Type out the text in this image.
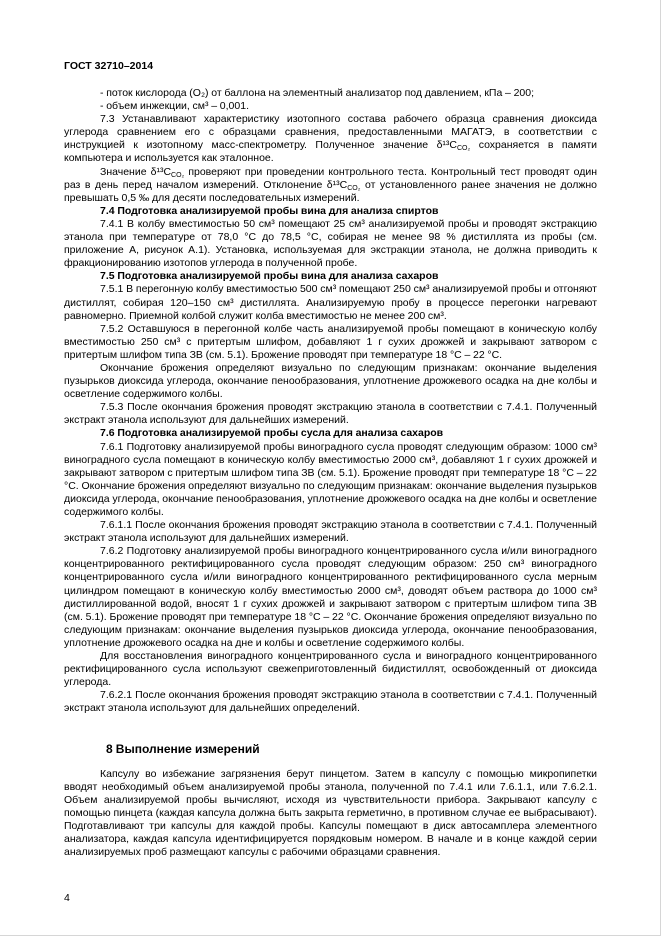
ГОСТ 32710–2014

- поток кислорода (О₂) от баллона на элементный анализатор под давлением, кПа – 200;

- объем инжекции, см³ – 0,001.

7.3 Устанавливают характеристику изотопного состава рабочего образца сравнения диоксида углерода сравнением его с образцами сравнения, предоставленными МАГАТЭ, в соответствии с инструкцией к изотопному масс-спектрометру. Полученное значение $\delta^{13}C_{CO_2}$ сохраняется в памяти компьютера и используется как эталонное.

Значение $\delta^{13}C_{CO_2}$ проверяют при проведении контрольного теста. Контрольный тест проводят один раз в день перед началом измерений. Отклонение $\delta^{13}C_{CO_2}$ от установленного ранее значения не должно превышать 0,5 ‰ для десяти последовательных измерений.

7.4 Подготовка анализируемой пробы вина для анализа спиртов

7.4.1 В колбу вместимостью 50 см³ помещают 25 см³ анализируемой пробы и проводят экстракцию этанола при температуре от 78,0 °С до 78,5 °С, собирая не менее 98 % дистиллята из пробы (см. приложение А, рисунок А.1). Установка, используемая для экстракции этанола, не должна приводить к фракционированию изотопов углерода в полученной пробе.

7.5 Подготовка анализируемой пробы вина для анализа сахаров

7.5.1 В перегонную колбу вместимостью 500 см³ помещают 250 см³ анализируемой пробы и отгоняют дистиллят, собирая 120–150 см³ дистиллята. Анализируемую пробу в процессе перегонки нагревают равномерно. Приемной колбой служит колба вместимостью не менее 200 см³.

7.5.2 Оставшуюся в перегонной колбе часть анализируемой пробы помещают в коническую колбу вместимостью 250 см³ с притертым шлифом, добавляют 1 г сухих дрожжей и закрывают затвором с притертым шлифом типа ЗВ (см. 5.1). Брожение проводят при температуре 18 °С – 22 °С.

Окончание брожения определяют визуально по следующим признакам: окончание выделения пузырьков диоксида углерода, окончание пенообразования, уплотнение дрожжевого осадка на дне колбы и осветление содержимого колбы.

7.5.3 После окончания брожения проводят экстракцию этанола в соответствии с 7.4.1. Полученный экстракт этанола используют для дальнейших измерений.

7.6 Подготовка анализируемой пробы сусла для анализа сахаров

7.6.1 Подготовку анализируемой пробы виноградного сусла проводят следующим образом: 1000 см³ виноградного сусла помещают в коническую колбу вместимостью 2000 см³, добавляют 1 г сухих дрожжей и закрывают затвором с притертым шлифом типа ЗВ (см. 5.1). Брожение проводят при температуре 18 °С – 22 °С. Окончание брожения определяют визуально по следующим признакам: окончание выделения пузырьков диоксида углерода, окончание пенообразования, уплотнение дрожжевого осадка на дне колбы и осветление содержимого колбы.

7.6.1.1 После окончания брожения проводят экстракцию этанола в соответствии с 7.4.1. Полученный экстракт этанола используют для дальнейших измерений.

7.6.2 Подготовку анализируемой пробы виноградного концентрированного сусла и/или виноградного концентрированного ректифицированного сусла проводят следующим образом: 250 см³ виноградного концентрированного сусла и/или виноградного концентрированного ректифицированного сусла мерным цилиндром помещают в коническую колбу вместимостью 2000 см³, доводят объем раствора до 1000 см³ дистиллированной водой, вносят 1 г сухих дрожжей и закрывают затвором с притертым шлифом типа ЗВ (см. 5.1). Брожение проводят при температуре 18 °С – 22 °С. Окончание брожения определяют визуально по следующим признакам: окончание выделения пузырьков диоксида углерода, окончание пенообразования, уплотнение дрожжевого осадка на дне и колбы и осветление содержимого колбы.

Для восстановления виноградного концентрированного сусла и виноградного концентрированного ректифицированного сусла используют свежеприготовленный бидистиллят, освобожденный от диоксида углерода.

7.6.2.1 После окончания брожения проводят экстракцию этанола в соответствии с 7.4.1. Полученный экстракт этанола используют для дальнейших определений.

8 Выполнение измерений

Капсулу во избежание загрязнения берут пинцетом. Затем в капсулу с помощью микропипетки вводят необходимый объем анализируемой пробы этанола, полученной по 7.4.1 или 7.6.1.1, или 7.6.2.1. Объем анализируемой пробы вычисляют, исходя из чувствительности прибора. Закрывают капсулу с помощью пинцета (каждая капсула должна быть закрыта герметично, в противном случае ее выбрасывают). Подготавливают три капсулы для каждой пробы. Капсулы помещают в диск автосамплера элементного анализатора, каждая капсула идентифицируется порядковым номером. В начале и в конце каждой серии анализируемых проб размещают капсулы с рабочими образцами сравнения.

4
